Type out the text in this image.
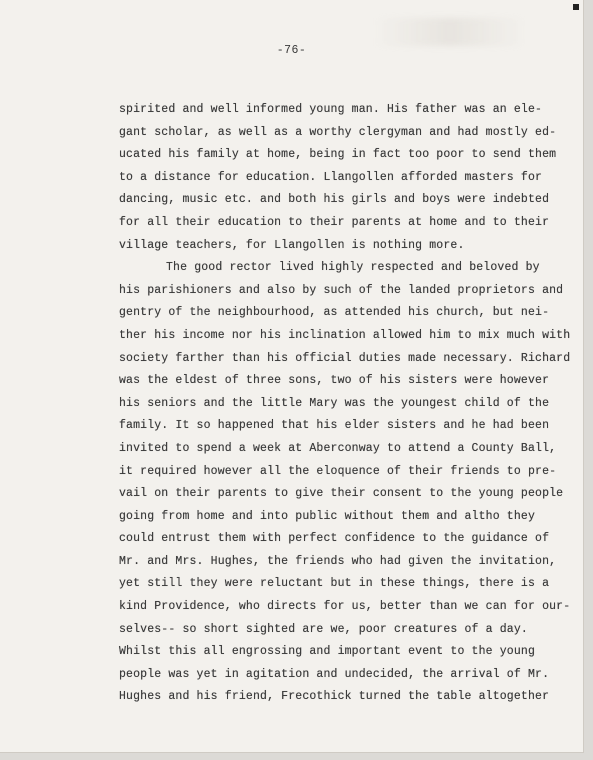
-76-
spirited and well informed young man. His father was an ele-
gant scholar, as well as a worthy clergyman and had mostly ed-
ucated his family at home, being in fact too poor to send them
to a distance for education. Llangollen afforded masters for
dancing, music etc. and both his girls and boys were indebted
for all their education to their parents at home and to their
village teachers, for Llangollen is nothing more.
The good rector lived highly respected and beloved by
his parishioners and also by such of the landed proprietors and
gentry of the neighbourhood, as attended his church, but nei-
ther his income nor his inclination allowed him to mix much with
society farther than his official duties made necessary. Richard
was the eldest of three sons, two of his sisters were however
his seniors and the little Mary was the youngest child of the
family. It so happened that his elder sisters and he had been
invited to spend a week at Aberconway to attend a County Ball,
it required however all the eloquence of their friends to pre-
vail on their parents to give their consent to the young people
going from home and into public without them and altho they
could entrust them with perfect confidence to the guidance of
Mr. and Mrs. Hughes, the friends who had given the invitation,
yet still they were reluctant but in these things, there is a
kind Providence, who directs for us, better than we can for our-
selves-- so short sighted are we, poor creatures of a day.
Whilst this all engrossing and important event to the young
people was yet in agitation and undecided, the arrival of Mr.
Hughes and his friend, Frecothick turned the table altogether
